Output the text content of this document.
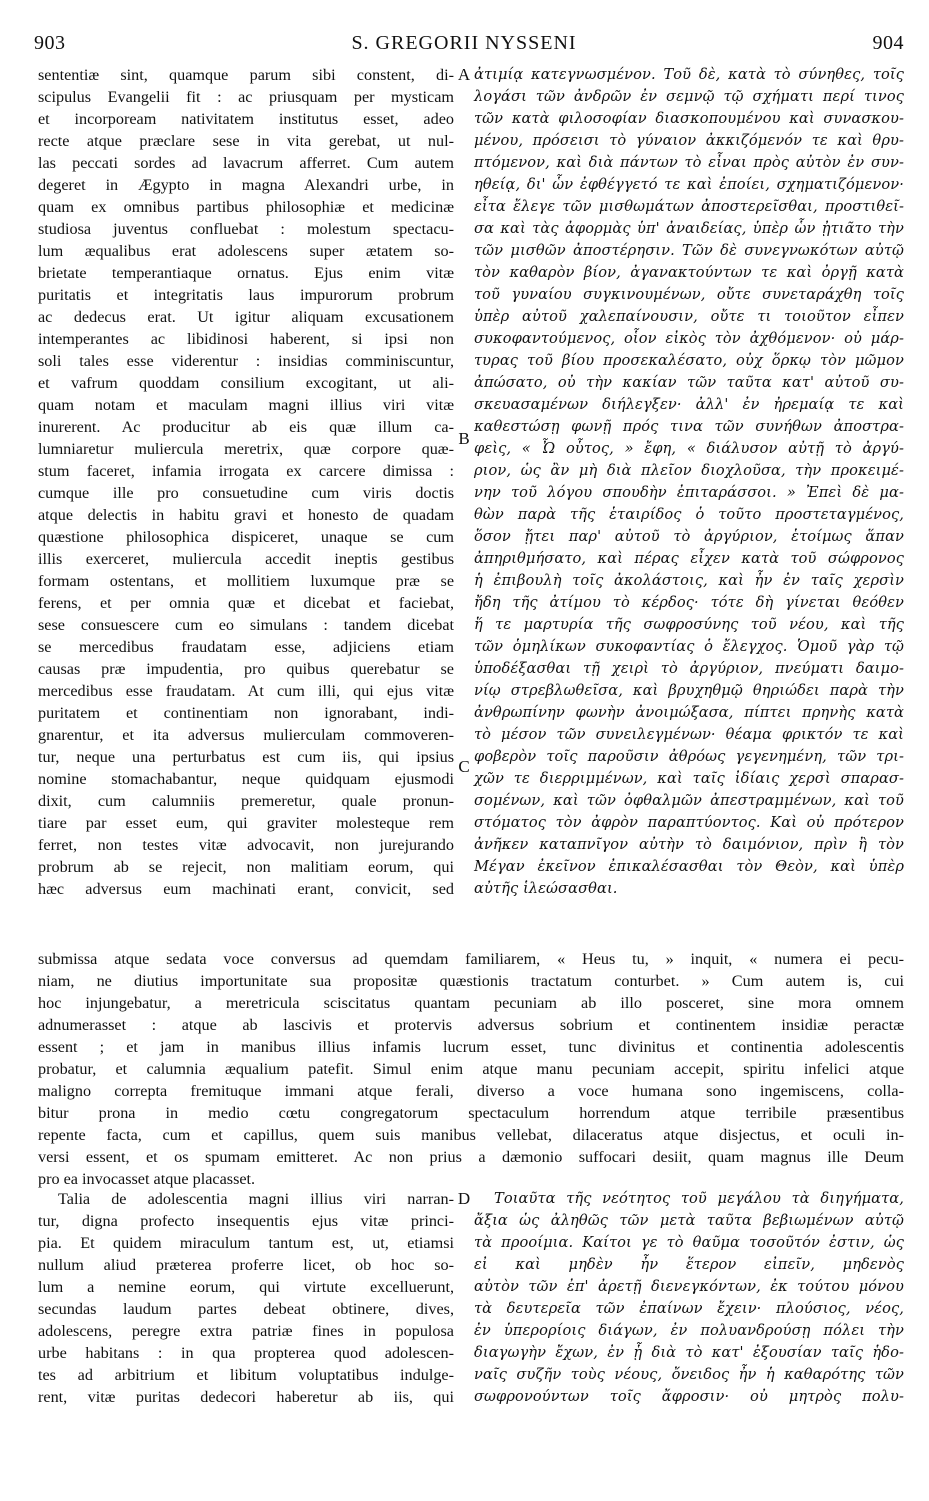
903	S. GREGORII NYSSENI	904
sententiæ sint, quamque parum sibi constent, di-
scipulus Evangelii fit : ac priusquam per mysticam
et incorpoream nativitatem institutus esset, adeo
recte atque præclare sese in vita gerebat, ut nul-
las peccati sordes ad lavacrum afferret. Cum autem
degeret in Ægypto in magna Alexandri urbe, in
quam ex omnibus partibus philosophiæ et medicinæ
studiosa juventus confluebat : molestum spectacu-
lum æqualibus erat adolescens super ætatem so-
brietate temperantiaque ornatus. Ejus enim vitæ
puritatis et integritatis laus impurorum probrum
ac dedecus erat. Ut igitur aliquam excusationem
intemperantes ac libidinosi haberent, si ipsi non
soli tales esse viderentur : insidias comminiscuntur,
et vafrum quoddam consilium excogitant, ut ali-
quam notam et maculam magni illius viri vitæ
inurerent. Ac producitur ab eis quæ illum ca-
lumniaretur muliercula meretrix, quæ corpore quæ-
stum faceret, infamia irrogata ex carcere dimissa :
cumque ille pro consuetudine cum viris doctis
atque delectis in habitu gravi et honesto de quadam
quæstione philosophica dispiceret, unaque se cum
illis exerceret, muliercula accedit ineptis gestibus
formam ostentans, et mollitiem luxumque præ se
ferens, et per omnia quæ et dicebat et faciebat,
sese consuescere cum eo simulans : tandem dicebat
se mercedibus fraudatam esse, adjiciens etiam
causas præ impudentia, pro quibus querebatur se
mercedibus esse fraudatam. At cum illi, qui ejus vitæ
puritatem et continentiam non ignorabant, indi-
gnarentur, et ita adversus mulierculam commoveren-
tur, neque una perturbatus est cum iis, qui ipsius
nomine stomachabantur, neque quidquam ejusmodi
dixit, cum calumniis premeretur, quale pronun-
tiare par esset eum, qui graviter molesteque rem
ferret, non testes vitæ advocavit, non jurejurando
probrum ab se rejecit, non malitiam eorum, qui
hæc adversus eum machinati erant, convicit, sed
ἀτιμίᾳ κατεγνωσμένον. Τοῦ δὲ, κατὰ τὸ σύνηθες, τοῖς
λογάσι τῶν ἀνδρῶν ἐν σεμνῷ τῷ σχήματι περί τινος
τῶν κατὰ φιλοσοφίαν διασκοπουμένου καὶ συνασκου-
μένου, πρόσεισι τὸ γύναιον ἀκκιζόμενόν τε καὶ θρυ-
πτόμενον, καὶ διὰ πάντων τὸ εἶναι πρὸς αὐτὸν ἐν συν-
ηθείᾳ, δι' ὧν ἐφθέγγετό τε καὶ ἐποίει, σχηματιζόμενον·
εἶτα ἔλεγε τῶν μισθωμάτων ἀποστερεῖσθαι, προστιθεῖ-
σα καὶ τὰς ἀφορμὰς ὑπ' ἀναιδείας, ὑπὲρ ὧν ᾐτιᾶτο τὴν
τῶν μισθῶν ἀποστέρησιν. Τῶν δὲ συνεγνωκότων αὐτῷ
τὸν καθαρὸν βίον, ἀγανακτούντων τε καὶ ὀργῇ κατὰ
τοῦ γυναίου συγκινουμένων, οὔτε συνεταράχθη τοῖς
ὑπὲρ αὐτοῦ χαλεπαίνουσιν, οὔτε τι τοιοῦτον εἶπεν
συκοφαντούμενος, οἷον εἰκὸς τὸν ἀχθόμενον· οὐ μάρ-
τυρας τοῦ βίου προσεκαλέσατο, οὐχ ὅρκῳ τὸν μῶμον
ἀπώσατο, οὐ τὴν κακίαν τῶν ταῦτα κατ' αὐτοῦ συ-
σκευασαμένων διήλεγξεν· ἀλλ' ἐν ἠρεμαίᾳ τε καὶ
καθεστώσῃ φωνῇ πρός τινα τῶν συνήθων ἀποστρα-
φεὶς, « Ὦ οὗτος, » ἔφη, « διάλυσον αὐτῇ τὸ ἀργύ-
ριον, ὡς ἂν μὴ διὰ πλεῖον διοχλοῦσα, τὴν προκειμέ-
νην τοῦ λόγου σπουδὴν ἐπιταράσσοι. » Ἐπεὶ δὲ μα-
θὼν παρὰ τῆς ἑταιρίδος ὁ τοῦτο προστεταγμένος,
ὅσον ᾔτει παρ' αὐτοῦ τὸ ἀργύριον, ἑτοίμως ἅπαν
ἀπηριθμήσατο, καὶ πέρας εἶχεν κατὰ τοῦ σώφρονος
ἡ ἐπιβουλὴ τοῖς ἀκολάστοις, καὶ ἦν ἐν ταῖς χερσὶν
ἤδη τῆς ἀτίμου τὸ κέρδος· τότε δὴ γίνεται θεόθεν
ἥ τε μαρτυρία τῆς σωφροσύνης τοῦ νέου, καὶ τῆς
τῶν ὁμηλίκων συκοφαντίας ὁ ἔλεγχος. Ὁμοῦ γὰρ τῷ
ὑποδέξασθαι τῇ χειρὶ τὸ ἀργύριον, πνεύματι δαιμο-
νίῳ στρεβλωθεῖσα, καὶ βρυχηθμῷ θηριώδει παρὰ τὴν
ἀνθρωπίνην φωνὴν ἀνοιμώξασα, πίπτει πρηνὴς κατὰ
τὸ μέσον τῶν συνειλεγμένων· θέαμα φρικτόν τε καὶ
φοβερὸν τοῖς παροῦσιν ἀθρόως γεγενημένη, τῶν τρι-
χῶν τε διερριμμένων, καὶ ταῖς ἰδίαις χερσὶ σπαρασ-
σομένων, καὶ τῶν ὀφθαλμῶν ἀπεστραμμένων, καὶ τοῦ
στόματος τὸν ἀφρὸν παραπτύοντος. Καὶ οὐ πρότερον
ἀνῆκεν καταπνῖγον αὐτὴν τὸ δαιμόνιον, πρὶν ἢ τὸν
Μέγαν ἐκεῖνον ἐπικαλέσασθαι τὸν Θεὸν, καὶ ὑπὲρ
αὐτῆς ἱλεώσασθαι.
submissa atque sedata voce conversus ad quemdam familiarem, « Heus tu, » inquit, « numera ei pecu-
niam, ne diutius importunitate sua propositæ quæstionis tractatum conturbet. » Cum autem is, cui
hoc injungebatur, a meretricula sciscitatus quantam pecuniam ab illo posceret, sine mora omnem
adnumerasset : atque ab lascivis et protervis adversus sobrium et continentem insidiæ peractæ
essent ; et jam in manibus illius infamis lucrum esset, tunc divinitus et continentia adolescentis
probatur, et calumnia æqualium patefit. Simul enim atque manu pecuniam accepit, spiritu infelici atque
maligno correpta fremituque immani atque ferali, diverso a voce humana sono ingemiscens, colla-
bitur prona in medio cœtu congregatorum spectaculum horrendum atque terribile præsentibus
repente facta, cum et capillus, quem suis manibus vellebat, dilaceratus atque disjectus, et oculi in-
versi essent, et os spumam emitteret. Ac non prius a dæmonio suffocari desiit, quam magnus ille Deum
pro ea invocasset atque placasset.
Talia de adolescentia magni illius viri narran-
tur, digna profecto insequentis ejus vitæ princi-
pia. Et quidem miraculum tantum est, ut, etiamsi
nullum aliud præterea proferre licet, ob hoc so-
lum a nemine eorum, qui virtute excelluerunt,
secundas laudum partes debeat obtinere, dives,
adolescens, peregre extra patriæ fines in populosa
urbe habitans : in qua propterea quod adolescen-
tes ad arbitrium et libitum voluptatibus indulge-
rent, vitæ puritas dedecori haberetur ab iis, qui
Τοιαῦτα τῆς νεότητος τοῦ μεγάλου τὰ διηγήματα,
ἄξια ὡς ἀληθῶς τῶν μετὰ ταῦτα βεβιωμένων αὐτῷ
τὰ προοίμια. Καίτοι γε τὸ θαῦμα τοσοῦτόν ἐστιν, ὡς
εἰ καὶ μηδὲν ἦν ἕτερον εἰπεῖν, μηδενὸς
αὐτὸν τῶν ἐπ' ἀρετῇ διενεγκόντων, ἐκ τούτου μόνου
τὰ δευτερεῖα τῶν ἐπαίνων ἔχειν· πλούσιος, νέος,
ἐν ὑπερορίοις διάγων, ἐν πολυανδρούσῃ πόλει τὴν
διαγωγὴν ἔχων, ἐν ᾗ διὰ τὸ κατ' ἐξουσίαν ταῖς ἡδο-
ναῖς συζῆν τοὺς νέους, ὄνειδος ἦν ἡ καθαρότης τῶν
σωφρονούντων τοῖς ἄφροσιν· οὐ μητρὸς πολυ-
A
B
C
D
